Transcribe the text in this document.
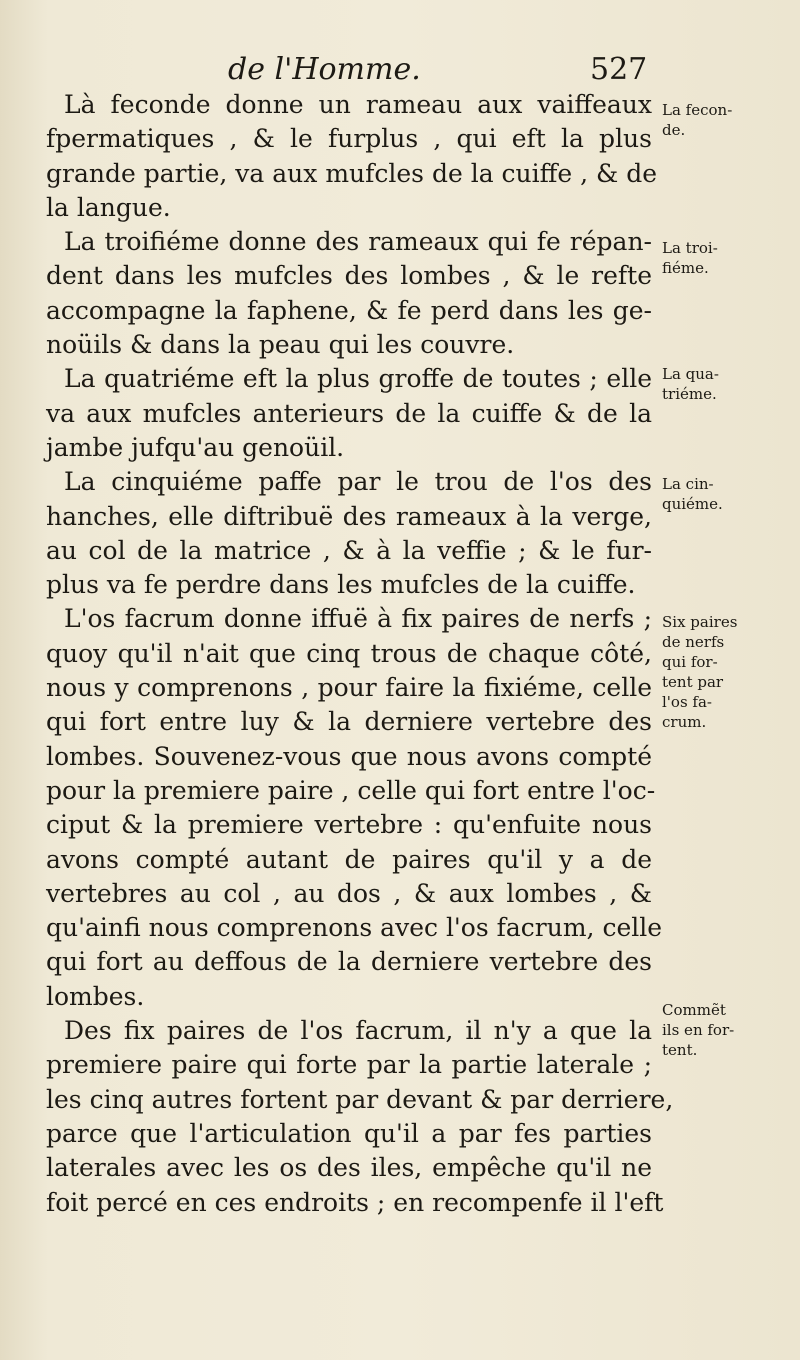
de l'Homme.	527
Là feconde donne un rameau aux vaiffeaux
fpermatiques , & le furplus , qui eft la plus
grande partie, va aux mufcles de la cuiffe , & de
la langue.
La troifiéme donne des rameaux qui fe répan-
dent dans les mufcles des lombes , & le refte
accompagne la faphene, & fe perd dans les ge-
noüils & dans la peau qui les couvre.
La quatriéme eft la plus groffe de toutes ; elle
va aux mufcles anterieurs de la cuiffe & de la
jambe jufqu'au genoüil.
La cinquiéme paffe par le trou de l'os des
hanches, elle diftribuë des rameaux à la verge,
au col de la matrice , & à la veffie ; & le fur-
plus va fe perdre dans les mufcles de la cuiffe.
L'os facrum donne iffuë à fix paires de nerfs ;
quoy qu'il n'ait que cinq trous de chaque côté,
nous y comprenons , pour faire la fixiéme, celle
qui fort entre luy & la derniere vertebre des
lombes. Souvenez-vous que nous avons compté
pour la premiere paire , celle qui fort entre l'oc-
ciput & la premiere vertebre : qu'enfuite nous
avons compté autant de paires qu'il y a de
vertebres au col , au dos , & aux lombes , &
qu'ainfi nous comprenons avec l'os facrum, celle
qui fort au deffous de la derniere vertebre des
lombes.
Des fix paires de l'os facrum, il n'y a que la
premiere paire qui forte par la partie laterale ;
les cinq autres fortent par devant & par derriere,
parce que l'articulation qu'il a par fes parties
laterales avec les os des iles, empêche qu'il ne
foit percé en ces endroits ; en recompenfe il l'eft
La fecon-
de.
La troi-
fiéme.
La qua-
triéme.
La cin-
quiéme.
Six paires
de nerfs
qui for-
tent par
l'os fa-
crum.
Commẽt
ils en for-
tent.
